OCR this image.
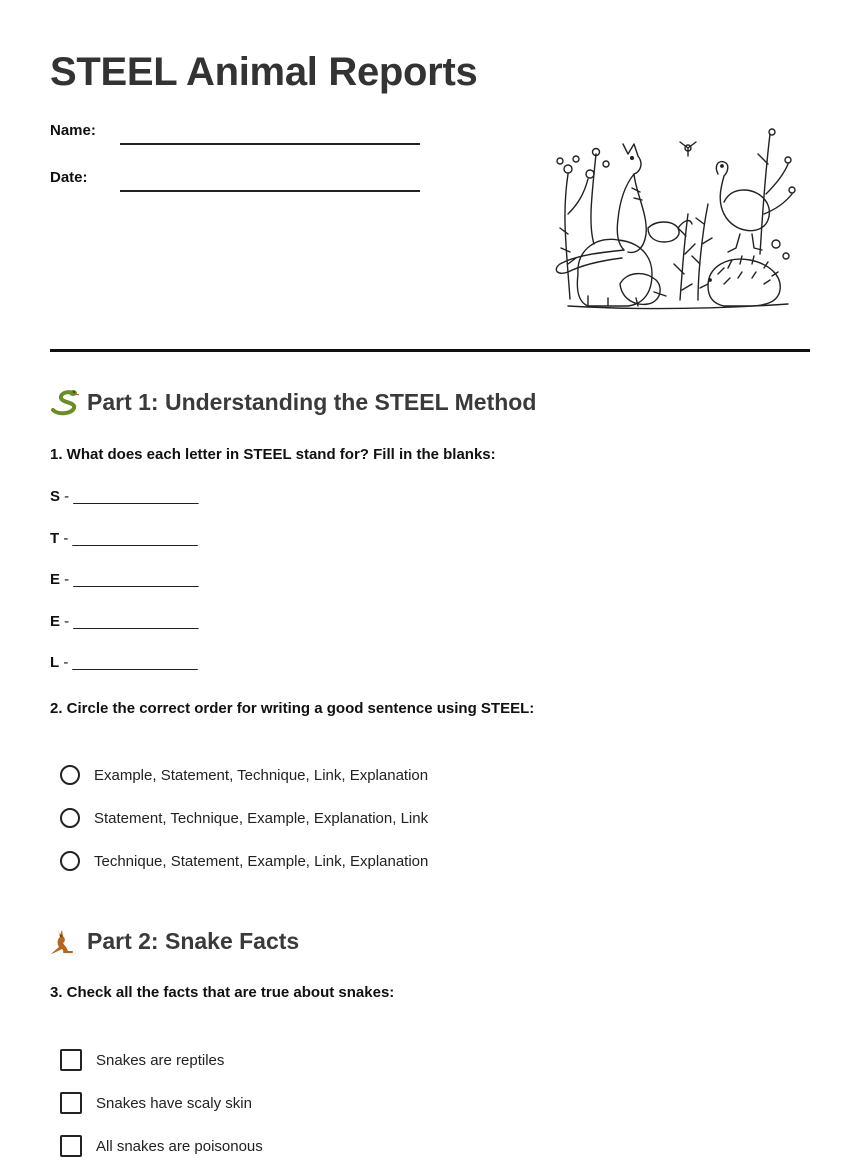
STEEL Animal Reports
Name:
Date:
Part 1: Understanding the STEEL Method

1. What does each letter in STEEL stand for? Fill in the blanks:

S - _______________
T - _______________
E - _______________
E - _______________
L - _______________

2. Circle the correct order for writing a good sentence using STEEL:

Example, Statement, Technique, Link, Explanation
Statement, Technique, Example, Explanation, Link
Technique, Statement, Example, Link, Explanation
Part 2: Snake Facts

3. Check all the facts that are true about snakes:

Snakes are reptiles
Snakes have scaly skin
All snakes are poisonous
